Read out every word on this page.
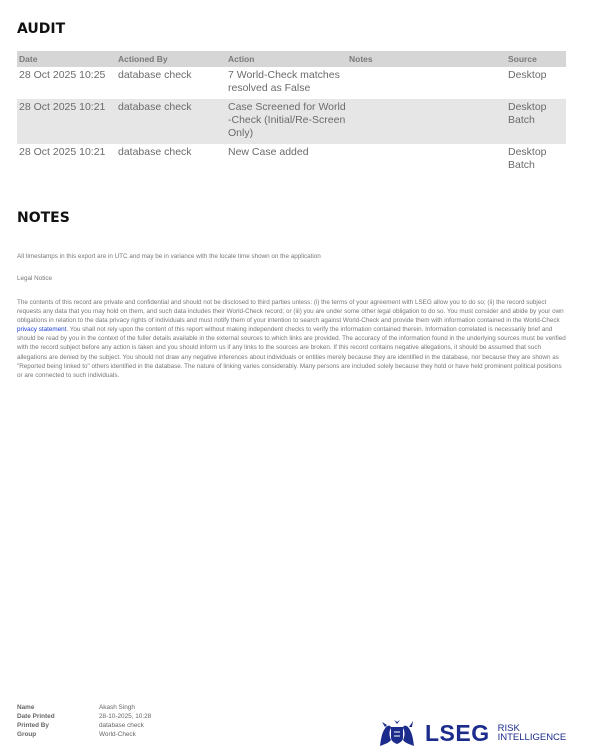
AUDIT
Date	Actioned By	Action	Notes	Source
28 Oct 2025 10:25	database check	7 World-Check matches resolved as False		Desktop
28 Oct 2025 10:21	database check	Case Screened for World-Check (Initial/Re-Screen Only)		Desktop Batch
28 Oct 2025 10:21	database check	New Case added		Desktop Batch
NOTES
All timestamps in this export are in UTC and may be in variance with the locale time shown on the application
Legal Notice

The contents of this record are private and confidential and should not be disclosed to third parties unless: (i) the terms of your agreement with LSEG allow you to do so; (ii) the record subject requests any data that you may hold on them, and such data includes their World-Check record; or (iii) you are under some other legal obligation to do so. You must consider and abide by your own obligations in relation to the data privacy rights of individuals and must notify them of your intention to search against World-Check and provide them with information contained in the World-Check privacy statement. You shall not rely upon the content of this report without making independent checks to verify the information contained therein. Information correlated is necessarily brief and should be read by you in the context of the fuller details available in the external sources to which links are provided. The accuracy of the information found in the underlying sources must be verified with the record subject before any action is taken and you should inform us if any links to the sources are broken. If this record contains negative allegations, it should be assumed that such allegations are denied by the subject. You should not draw any negative inferences about individuals or entities merely because they are identified in the database, nor because they are shown as "Reported being linked to" others identified in the database. The nature of linking varies considerably. Many persons are included solely because they hold or have held prominent political positions or are connected to such individuals.

Name	Akash Singh
Date Printed	28-10-2025, 10:28
Printed By	database check
Group	World-Check	LSEG RISK
INTELLIGENCE
